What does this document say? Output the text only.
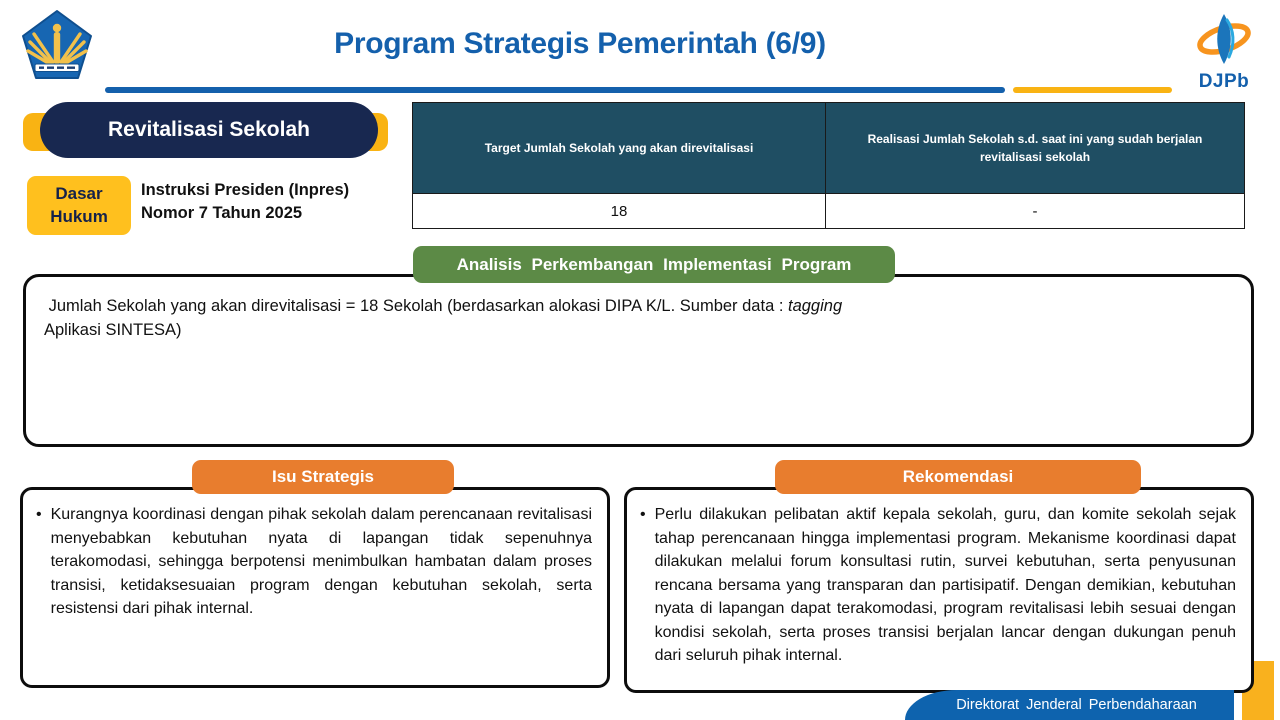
Program Strategis Pemerintah (6/9)
DJPb
Revitalisasi Sekolah
Dasar Hukum
Instruksi Presiden (Inpres) Nomor 7 Tahun 2025
Target Jumlah Sekolah yang akan direvitalisasi
Realisasi Jumlah Sekolah s.d. saat ini yang sudah berjalan revitalisasi sekolah
18	-
Analisis Perkembangan Implementasi Program

Jumlah Sekolah yang akan direvitalisasi = 18 Sekolah (berdasarkan alokasi DIPA K/L. Sumber data : tagging Aplikasi SINTESA)

Isu Strategis
• Kurangnya koordinasi dengan pihak sekolah dalam perencanaan revitalisasi menyebabkan kebutuhan nyata di lapangan tidak sepenuhnya terakomodasi, sehingga berpotensi menimbulkan hambatan dalam proses transisi, ketidaksesuaian program dengan kebutuhan sekolah, serta resistensi dari pihak internal.

Rekomendasi
• Perlu dilakukan pelibatan aktif kepala sekolah, guru, dan komite sekolah sejak tahap perencanaan hingga implementasi program. Mekanisme koordinasi dapat dilakukan melalui forum konsultasi rutin, survei kebutuhan, serta penyusunan rencana bersama yang transparan dan partisipatif. Dengan demikian, kebutuhan nyata di lapangan dapat terakomodasi, program revitalisasi lebih sesuai dengan kondisi sekolah, serta proses transisi berjalan lancar dengan dukungan penuh dari seluruh pihak internal.

Direktorat Jenderal Perbendaharaan
